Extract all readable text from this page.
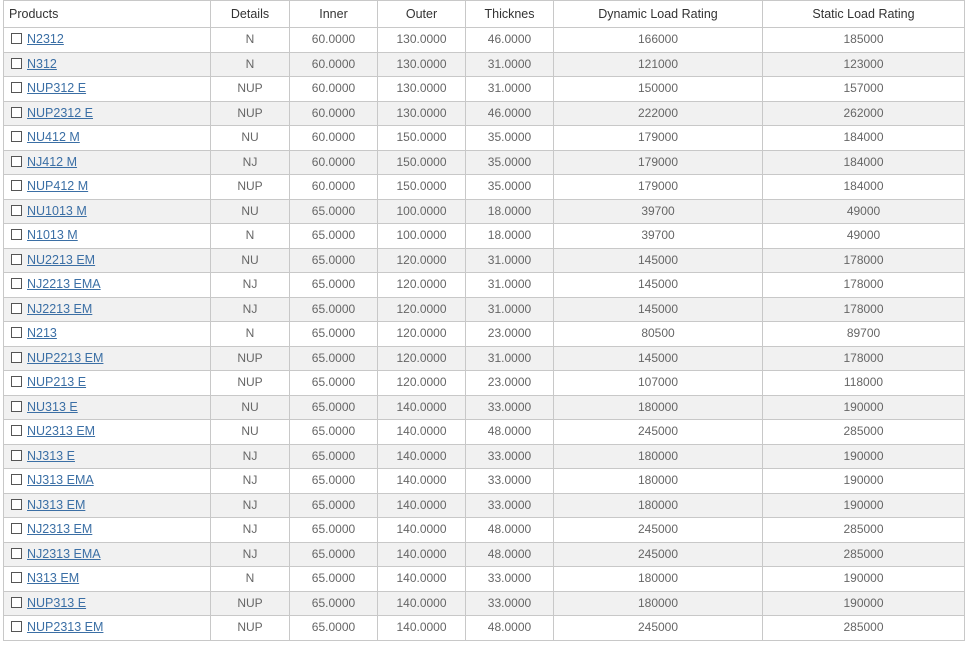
Products	Details	Inner	Outer	Thicknes	Dynamic Load Rating	Static Load Rating
N2312	N	60.0000	130.0000	46.0000	166000	185000
N312	N	60.0000	130.0000	31.0000	121000	123000
NUP312 E	NUP	60.0000	130.0000	31.0000	150000	157000
NUP2312 E	NUP	60.0000	130.0000	46.0000	222000	262000
NU412 M	NU	60.0000	150.0000	35.0000	179000	184000
NJ412 M	NJ	60.0000	150.0000	35.0000	179000	184000
NUP412 M	NUP	60.0000	150.0000	35.0000	179000	184000
NU1013 M	NU	65.0000	100.0000	18.0000	39700	49000
N1013 M	N	65.0000	100.0000	18.0000	39700	49000
NU2213 EM	NU	65.0000	120.0000	31.0000	145000	178000
NJ2213 EMA	NJ	65.0000	120.0000	31.0000	145000	178000
NJ2213 EM	NJ	65.0000	120.0000	31.0000	145000	178000
N213	N	65.0000	120.0000	23.0000	80500	89700
NUP2213 EM	NUP	65.0000	120.0000	31.0000	145000	178000
NUP213 E	NUP	65.0000	120.0000	23.0000	107000	118000
NU313 E	NU	65.0000	140.0000	33.0000	180000	190000
NU2313 EM	NU	65.0000	140.0000	48.0000	245000	285000
NJ313 E	NJ	65.0000	140.0000	33.0000	180000	190000
NJ313 EMA	NJ	65.0000	140.0000	33.0000	180000	190000
NJ313 EM	NJ	65.0000	140.0000	33.0000	180000	190000
NJ2313 EM	NJ	65.0000	140.0000	48.0000	245000	285000
NJ2313 EMA	NJ	65.0000	140.0000	48.0000	245000	285000
N313 EM	N	65.0000	140.0000	33.0000	180000	190000
NUP313 E	NUP	65.0000	140.0000	33.0000	180000	190000
NUP2313 EM	NUP	65.0000	140.0000	48.0000	245000	285000
